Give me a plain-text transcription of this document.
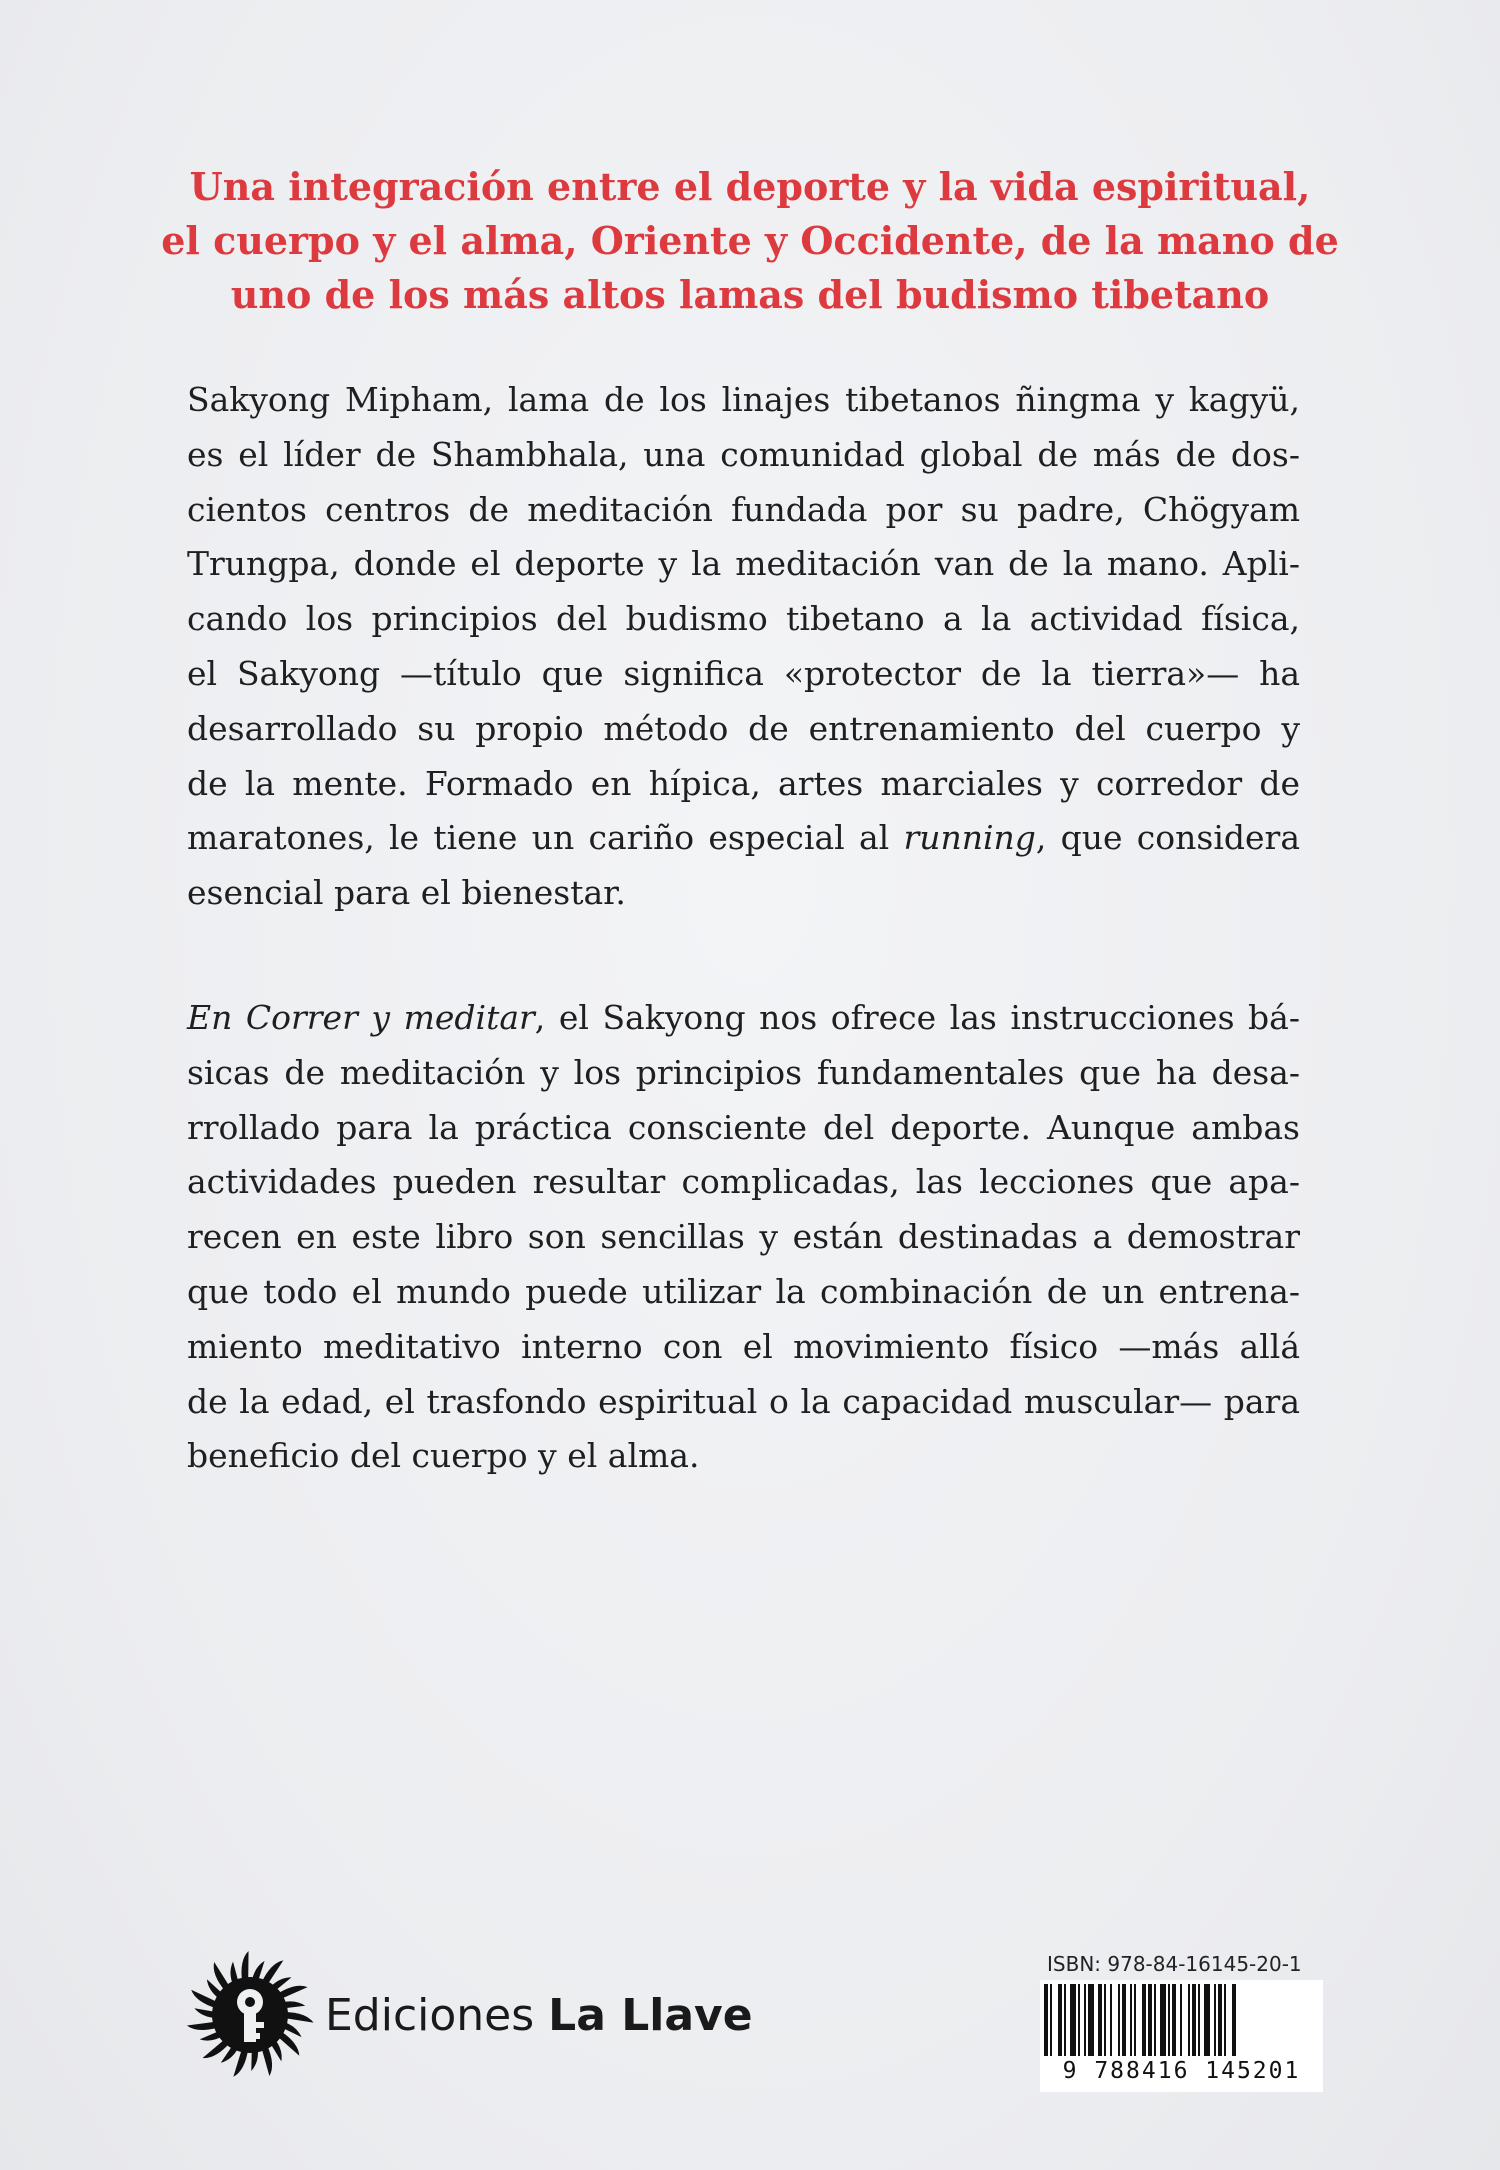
Una integración entre el deporte y la vida espiritual,
el cuerpo y el alma, Oriente y Occidente, de la mano de
uno de los más altos lamas del budismo tibetano

Sakyong Mipham, lama de los linajes tibetanos ñingma y kagyü,
es el líder de Shambhala, una comunidad global de más de dos-
cientos centros de meditación fundada por su padre, Chögyam
Trungpa, donde el deporte y la meditación van de la mano. Apli-
cando los principios del budismo tibetano a la actividad física,
el Sakyong —título que significa «protector de la tierra»— ha
desarrollado su propio método de entrenamiento del cuerpo y
de la mente. Formado en hípica, artes marciales y corredor de
maratones, le tiene un cariño especial al running, que considera
esencial para el bienestar.

En Correr y meditar, el Sakyong nos ofrece las instrucciones bá-
sicas de meditación y los principios fundamentales que ha desa-
rrollado para la práctica consciente del deporte. Aunque ambas
actividades pueden resultar complicadas, las lecciones que apa-
recen en este libro son sencillas y están destinadas a demostrar
que todo el mundo puede utilizar la combinación de un entrena-
miento meditativo interno con el movimiento físico —más allá
de la edad, el trasfondo espiritual o la capacidad muscular— para
beneficio del cuerpo y el alma.

Ediciones La Llave
ISBN: 978-84-16145-20-1
9 788416 145201
